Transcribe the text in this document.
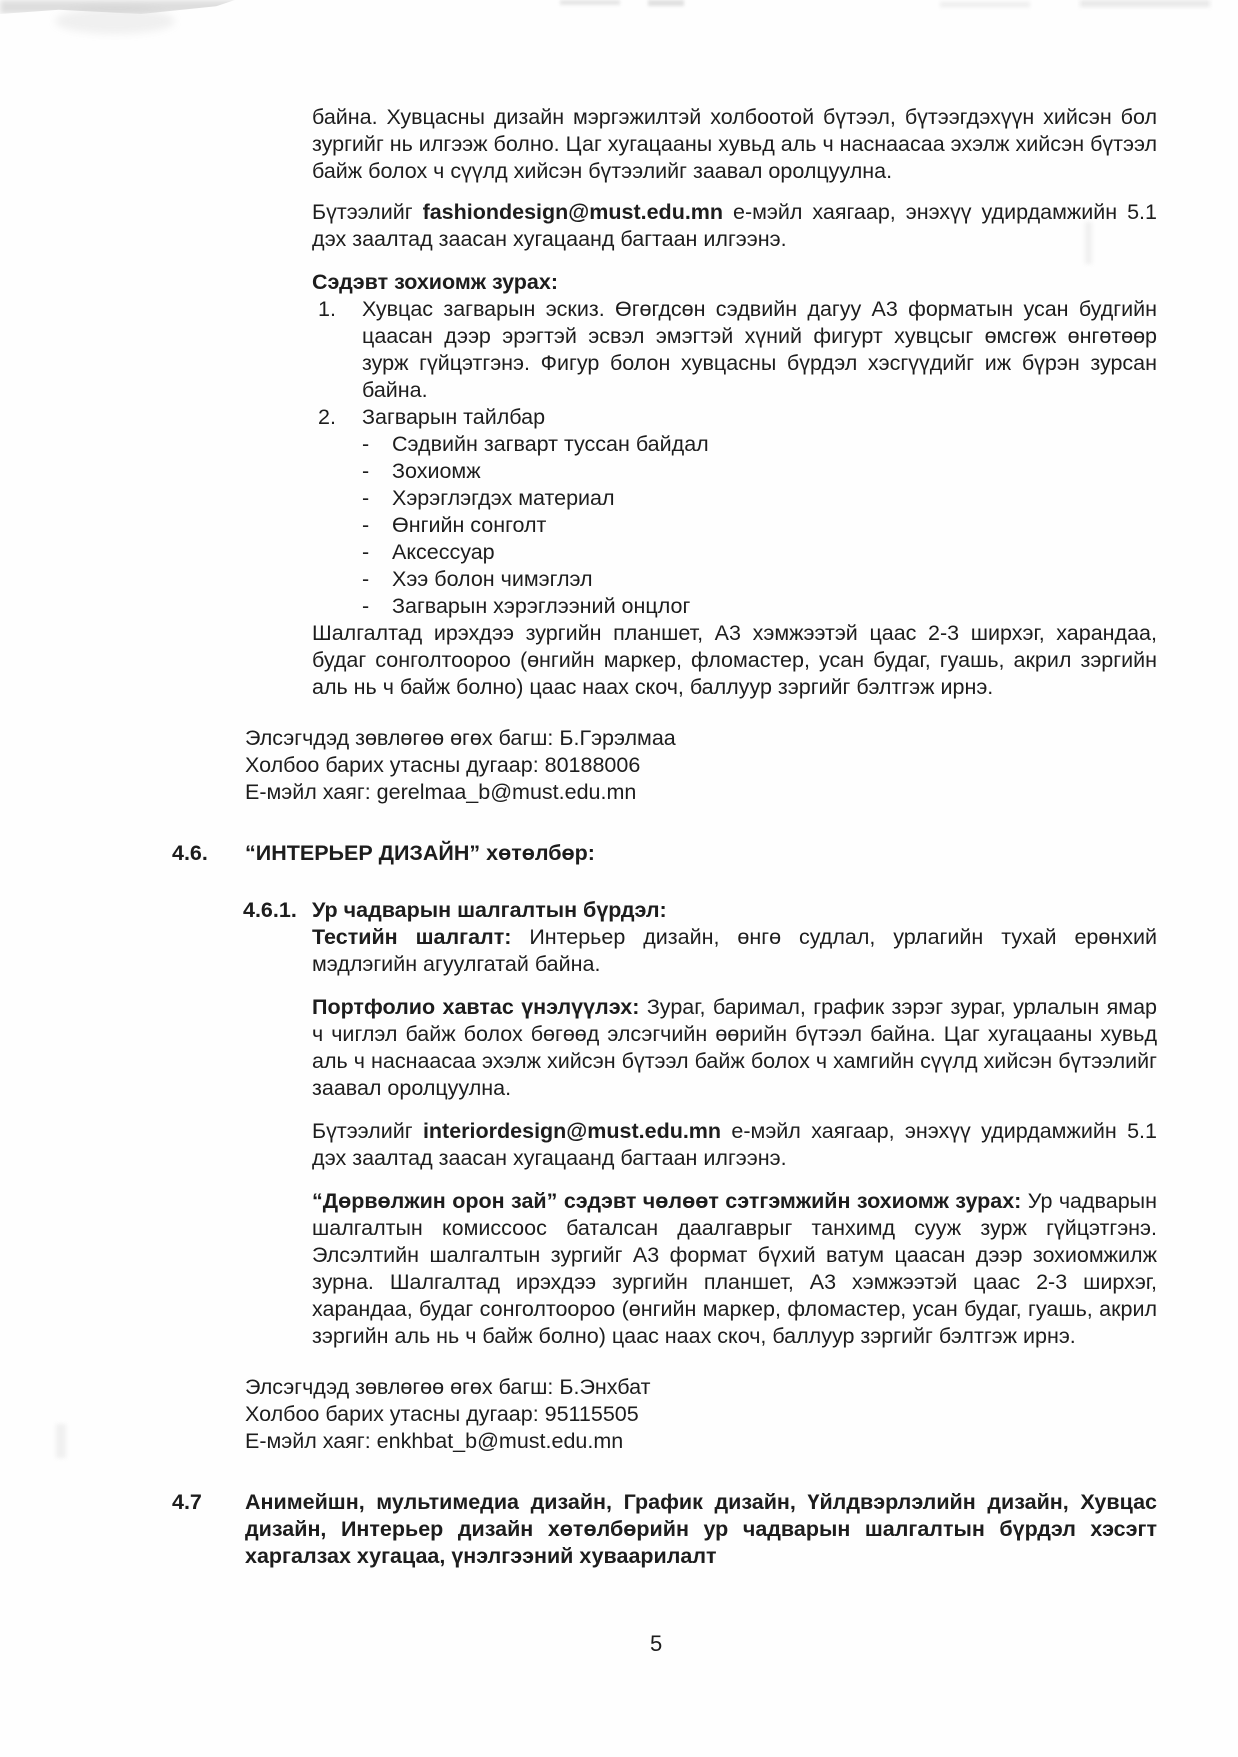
байна. Хувцасны дизайн мэргэжилтэй холбоотой бүтээл, бүтээгдэхүүн хийсэн бол зургийг нь илгээж болно. Цаг хугацааны хувьд аль ч наснаасаа эхэлж хийсэн бүтээл байж болох ч сүүлд хийсэн бүтээлийг заавал оролцуулна.
Бүтээлийг fashiondesign@must.edu.mn е-мэйл хаягаар, энэхүү удирдамжийн 5.1 дэх заалтад заасан хугацаанд багтаан илгээнэ.
Сэдэвт зохиомж зурах:
1.	Хувцас загварын эскиз. Өгөгдсөн сэдвийн дагуу А3 форматын усан будгийн цаасан дээр эрэгтэй эсвэл эмэгтэй хүний фигурт хувцсыг өмсгөж өнгөтөөр зурж гүйцэтгэнэ. Фигур болон хувцасны бүрдэл хэсгүүдийг иж бүрэн зурсан байна.
2.	Загварын тайлбар
-	Сэдвийн загварт туссан байдал
-	Зохиомж
-	Хэрэглэгдэх материал
-	Өнгийн сонголт
-	Аксессуар
-	Хээ болон чимэглэл
-	Загварын хэрэглээний онцлог
Шалгалтад ирэхдээ зургийн планшет, А3 хэмжээтэй цаас 2-3 ширхэг, харандаа, будаг сонголтоороо (өнгийн маркер, фломастер, усан будаг, гуашь, акрил зэргийн аль нь ч байж болно) цаас наах скоч, баллуур зэргийг бэлтгэж ирнэ.
Элсэгчдэд зөвлөгөө өгөх багш: Б.Гэрэлмаа
Холбоо барих утасны дугаар: 80188006
Е-мэйл хаяг: gerelmaa_b@must.edu.mn
4.6.	“ИНТЕРЬЕР ДИЗАЙН” хөтөлбөр:
4.6.1. Ур чадварын шалгалтын бүрдэл:
Тестийн шалгалт: Интерьер дизайн, өнгө судлал, урлагийн тухай ерөнхий мэдлэгийн агуулгатай байна.
Портфолио хавтас үнэлүүлэх: Зураг, баримал, график зэрэг зураг, урлалын ямар ч чиглэл байж болох бөгөөд элсэгчийн өөрийн бүтээл байна. Цаг хугацааны хувьд аль ч наснаасаа эхэлж хийсэн бүтээл байж болох ч хамгийн сүүлд хийсэн бүтээлийг заавал оролцуулна.
Бүтээлийг interiordesign@must.edu.mn е-мэйл хаягаар, энэхүү удирдамжийн 5.1 дэх заалтад заасан хугацаанд багтаан илгээнэ.
“Дөрвөлжин орон зай” сэдэвт чөлөөт сэтгэмжийн зохиомж зурах: Ур чадварын шалгалтын комиссоос баталсан даалгаврыг танхимд сууж зурж гүйцэтгэнэ. Элсэлтийн шалгалтын зургийг А3 формат бүхий ватум цаасан дээр зохиомжилж зурна. Шалгалтад ирэхдээ зургийн планшет, А3 хэмжээтэй цаас 2-3 ширхэг, харандаа, будаг сонголтоороо (өнгийн маркер, фломастер, усан будаг, гуашь, акрил зэргийн аль нь ч байж болно) цаас наах скоч, баллуур зэргийг бэлтгэж ирнэ.
Элсэгчдэд зөвлөгөө өгөх багш: Б.Энхбат
Холбоо барих утасны дугаар: 95115505
Е-мэйл хаяг: enkhbat_b@must.edu.mn
4.7	Анимейшн, мультимедиа дизайн, График дизайн, Үйлдвэрлэлийн дизайн, Хувцас дизайн, Интерьер дизайн хөтөлбөрийн ур чадварын шалгалтын бүрдэл хэсэгт харгалзах хугацаа, үнэлгээний хуваарилалт
5
